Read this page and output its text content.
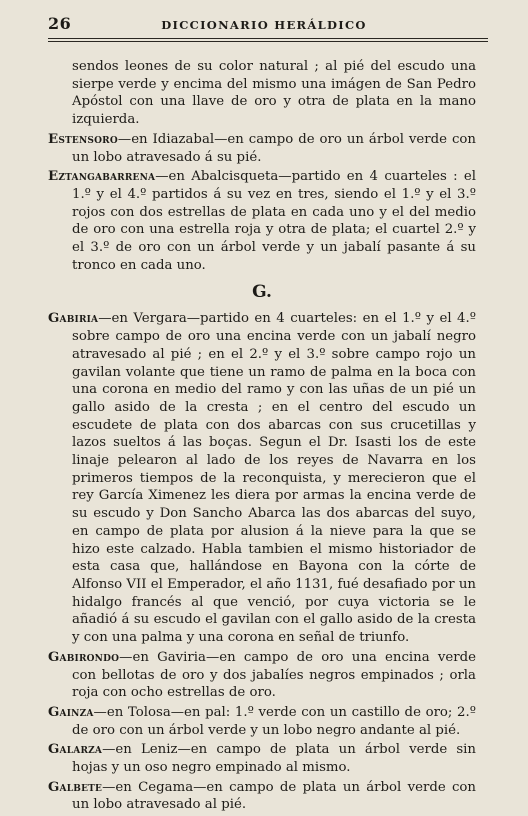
26	DICCIONARIO HERÁLDICO

sendos leones de su color natural ; al pié del escudo una sierpe verde y encima del mismo una imágen de San Pedro Apóstol con una llave de oro y otra de plata en la mano izquierda.

Estensoro—en Idiazabal—en campo de oro un árbol verde con un lobo atravesado á su pié.

Eztangabarrena—en Abalcisqueta—partido en 4 cuarteles : el 1.º y el 4.º partidos á su vez en tres, siendo el 1.º y el 3.º rojos con dos estrellas de plata en cada uno y el del medio de oro con una estrella roja y otra de plata; el cuartel 2.º y el 3.º de oro con un árbol verde y un jabalí pasante á su tronco en cada uno.

G.

Gabiria—en Vergara—partido en 4 cuarteles: en el 1.º y el 4.º sobre campo de oro una encina verde con un jabalí negro atravesado al pié ; en el 2.º y el 3.º sobre campo rojo un gavilan volante que tiene un ramo de palma en la boca con una corona en medio del ramo y con las uñas de un pié un gallo asido de la cresta ; en el centro del escudo un escudete de plata con dos abarcas con sus crucetillas y lazos sueltos á las boças. Segun el Dr. Isasti los de este linaje pelearon al lado de los reyes de Navarra en los primeros tiempos de la reconquista, y merecieron que el rey García Ximenez les diera por armas la encina verde de su escudo y Don Sancho Abarca las dos abarcas del suyo, en campo de plata por alusion á la nieve para la que se hizo este calzado. Habla tambien el mismo historiador de esta casa que, hallándose en Bayona con la córte de Alfonso VII el Emperador, el año 1131, fué desafiado por un hidalgo francés al que venció, por cuya victoria se le añadió á su escudo el gavilan con el gallo asido de la cresta y con una palma y una corona en señal de triunfo.

Gabirondo—en Gaviria—en campo de oro una encina verde con bellotas de oro y dos jabalíes negros empinados ; orla roja con ocho estrellas de oro.

Gainza—en Tolosa—en pal: 1.º verde con un castillo de oro; 2.º de oro con un árbol verde y un lobo negro andante al pié.

Galarza—en Leniz—en campo de plata un árbol verde sin hojas y un oso negro empinado al mismo.

Galbete—en Cegama—en campo de plata un árbol verde con un lobo atravesado al pié.
